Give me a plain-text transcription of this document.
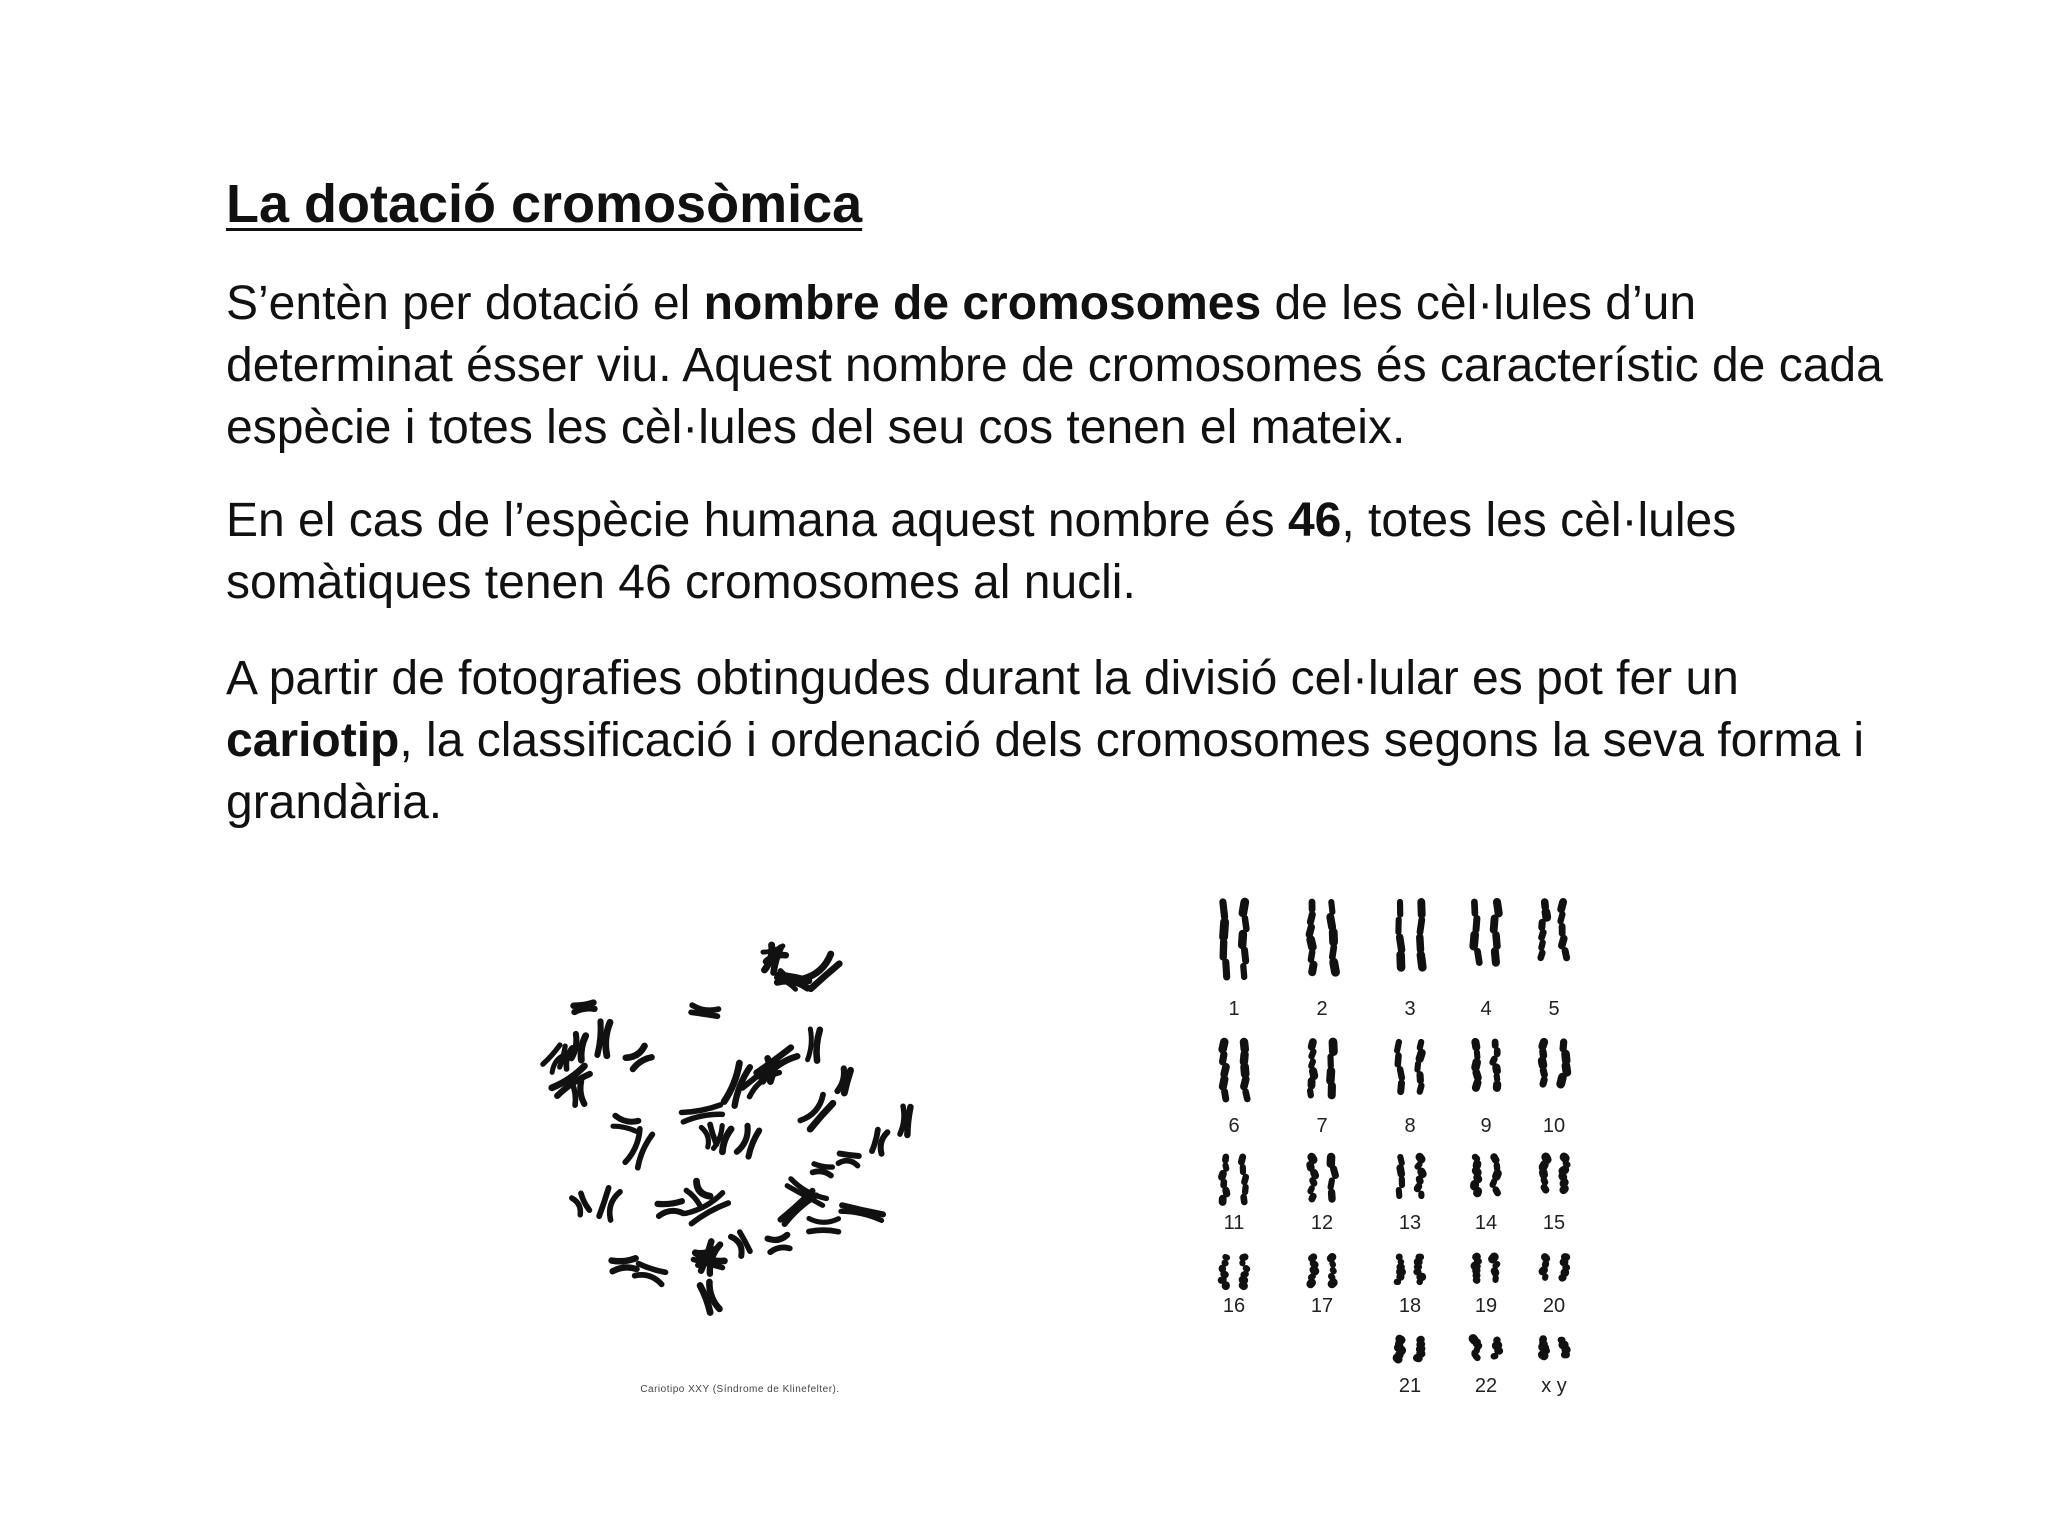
La dotació cromosòmica

S’entèn per dotació el nombre de cromosomes de les cèl·lules d’un determinat ésser viu. Aquest nombre de cromosomes és característic de cada espècie i totes les cèl·lules del seu cos tenen el mateix.

En el cas de l’espècie humana aquest nombre és 46, totes les cèl·lules somàtiques tenen 46 cromosomes al nucli.

A partir de fotografies obtingudes durant la divisió cel·lular es pot fer un cariotip, la classificació i ordenació dels cromosomes segons la seva forma i grandària.

Cariotipo XXY (Síndrome de Klinefelter).
1	2	3	4	5
6	7	8	9	10
11	12	13	14 15
16	17	18	19 20
21	22 x y
